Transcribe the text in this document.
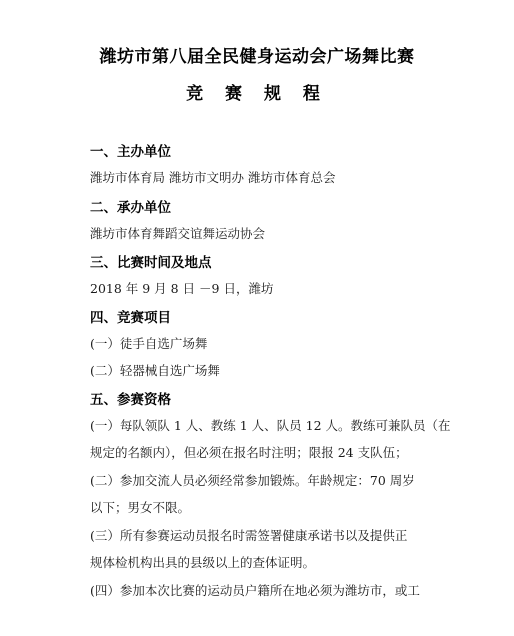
潍坊市第八届全民健身运动会广场舞比赛
竞 赛 规 程
一、主办单位
潍坊市体育局 潍坊市文明办 潍坊市体育总会
二、承办单位
潍坊市体育舞蹈交谊舞运动协会
三、比赛时间及地点
2018 年 9 月 8 日 －9 日，潍坊
四、竞赛项目
(一）徒手自选广场舞
(二）轻器械自选广场舞
五、参赛资格
(一）每队领队 1 人、教练 1 人、队员 12 人。教练可兼队员（在
规定的名额内），但必须在报名时注明；限报 24 支队伍；
(二）参加交流人员必须经常参加锻炼。年龄规定：70 周岁
以下；男女不限。
(三）所有参赛运动员报名时需签署健康承诺书以及提供正
规体检机构出具的县级以上的查体证明。
(四）参加本次比赛的运动员户籍所在地必须为潍坊市，或工
